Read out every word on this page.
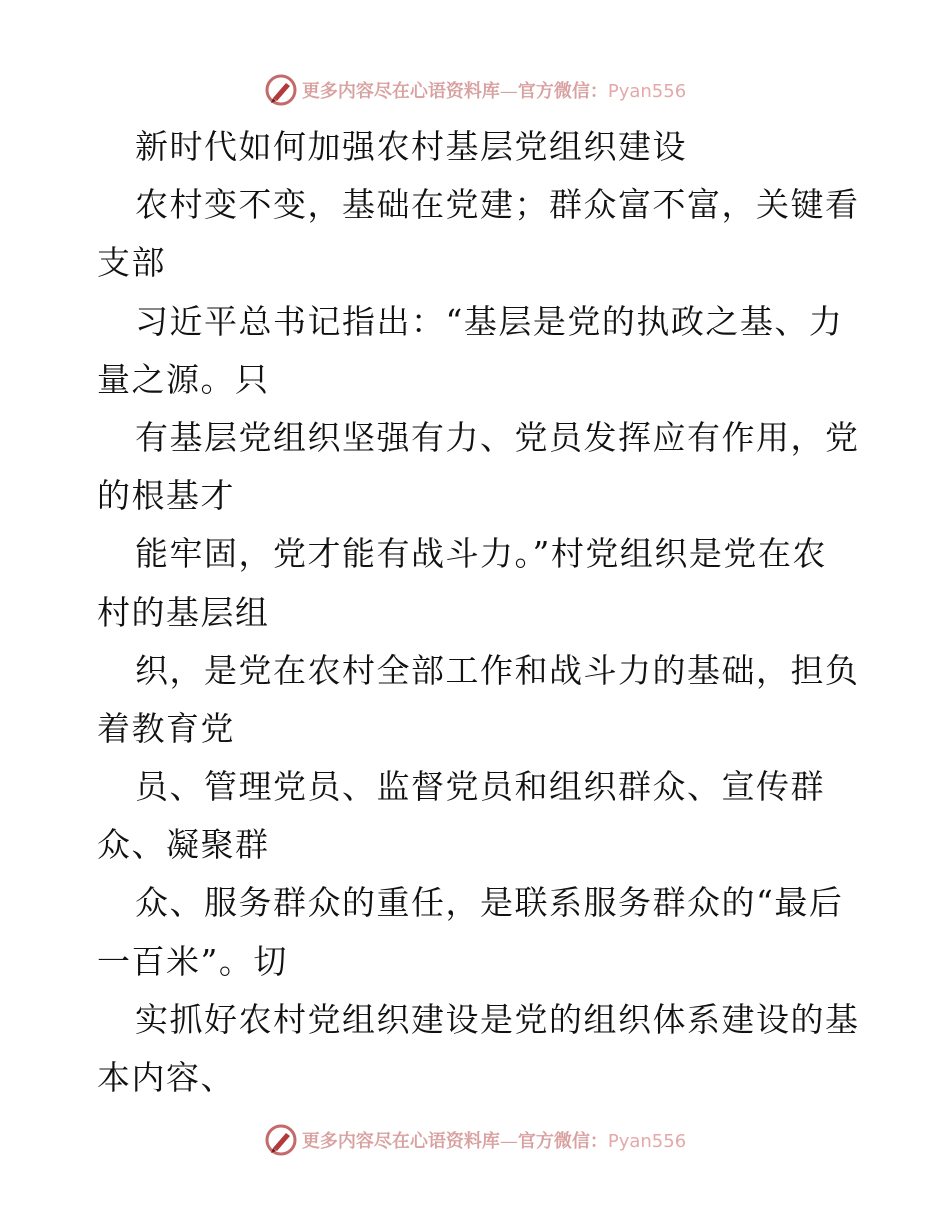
更多内容尽在心语资料库—官方微信：Pyan556
新时代如何加强农村基层党组织建设
农村变不变，基础在党建；群众富不富，关键看
支部
习近平总书记指出：“基层是党的执政之基、力
量之源。只
有基层党组织坚强有力、党员发挥应有作用，党
的根基才
能牢固，党才能有战斗力。”村党组织是党在农
村的基层组
织，是党在农村全部工作和战斗力的基础，担负
着教育党
员、管理党员、监督党员和组织群众、宣传群
众、凝聚群
众、服务群众的重任，是联系服务群众的“最后
一百米”。切
实抓好农村党组织建设是党的组织体系建设的基
本内容、
更多内容尽在心语资料库—官方微信：Pyan556
